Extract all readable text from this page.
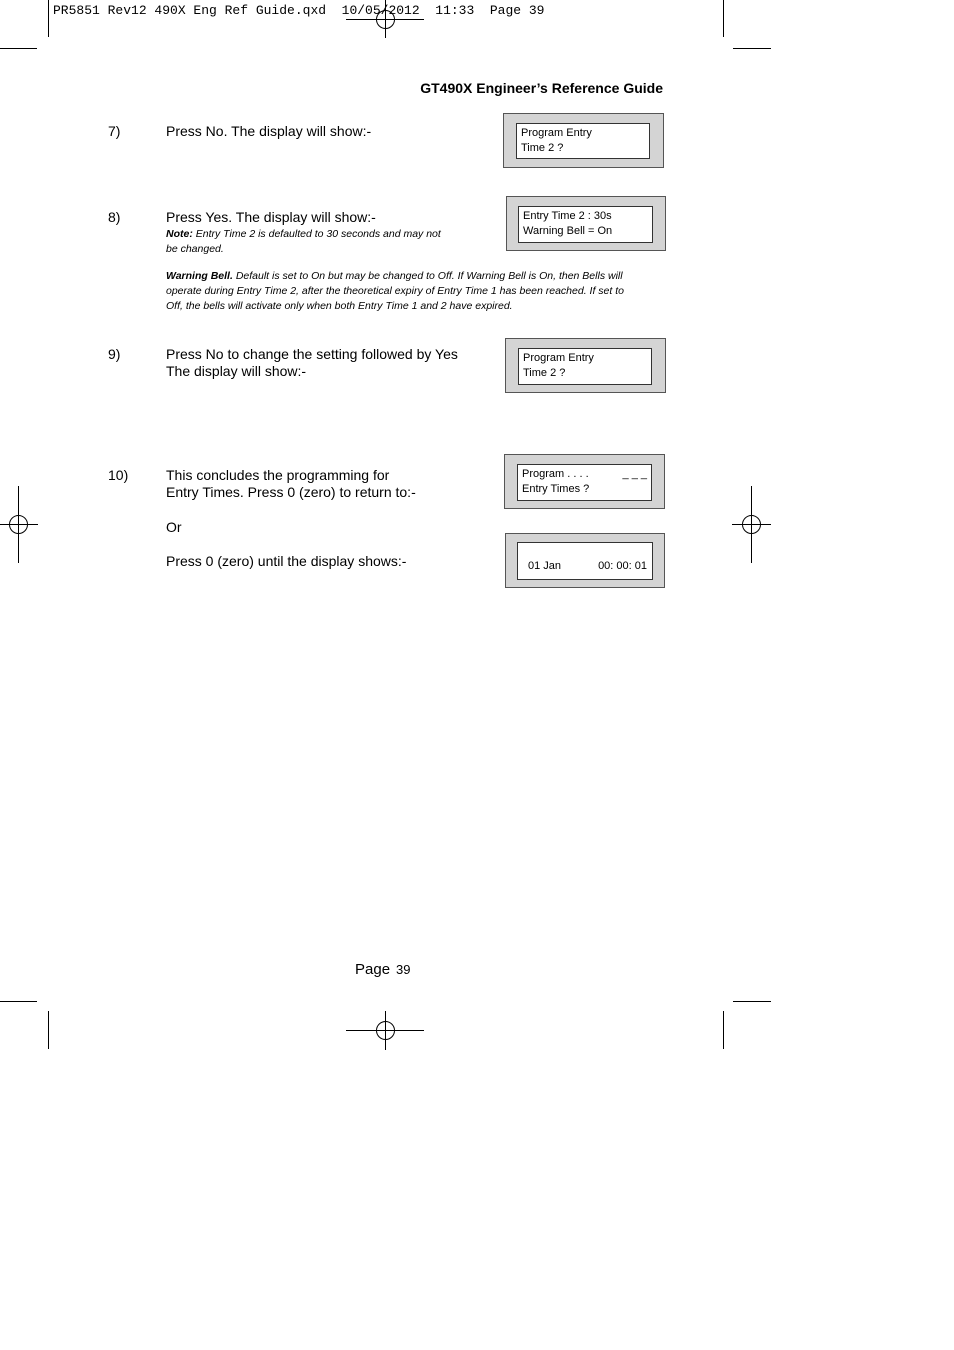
PR5851 Rev12 490X Eng Ref Guide.qxd  10/05/2012  11:33  Page 39
GT490X Engineer’s Reference Guide
7)	Press No. The display will show:-	Program Entry
Time 2 ?
8)	Press Yes. The display will show:-
Note: Entry Time 2 is defaulted to 30 seconds and may not
be changed.
Entry Time 2 : 30s
Warning Bell = On
Warning Bell. Default is set to On but may be changed to Off. If Warning Bell is On, then Bells will
operate during Entry Time 2, after the theoretical expiry of Entry Time 1 has been reached. If set to
Off, the bells will activate only when both Entry Time 1 and 2 have expired.
9)	Press No to change the setting followed by Yes
The display will show:-
Program Entry
Time 2 ?
10)	This concludes the programming for
Entry Times. Press 0 (zero) to return to:-
Or
Press 0 (zero) until the display shows:-
Program . . . .	_ _ _
Entry Times ?
01 Jan	00: 00: 01
Page 39
